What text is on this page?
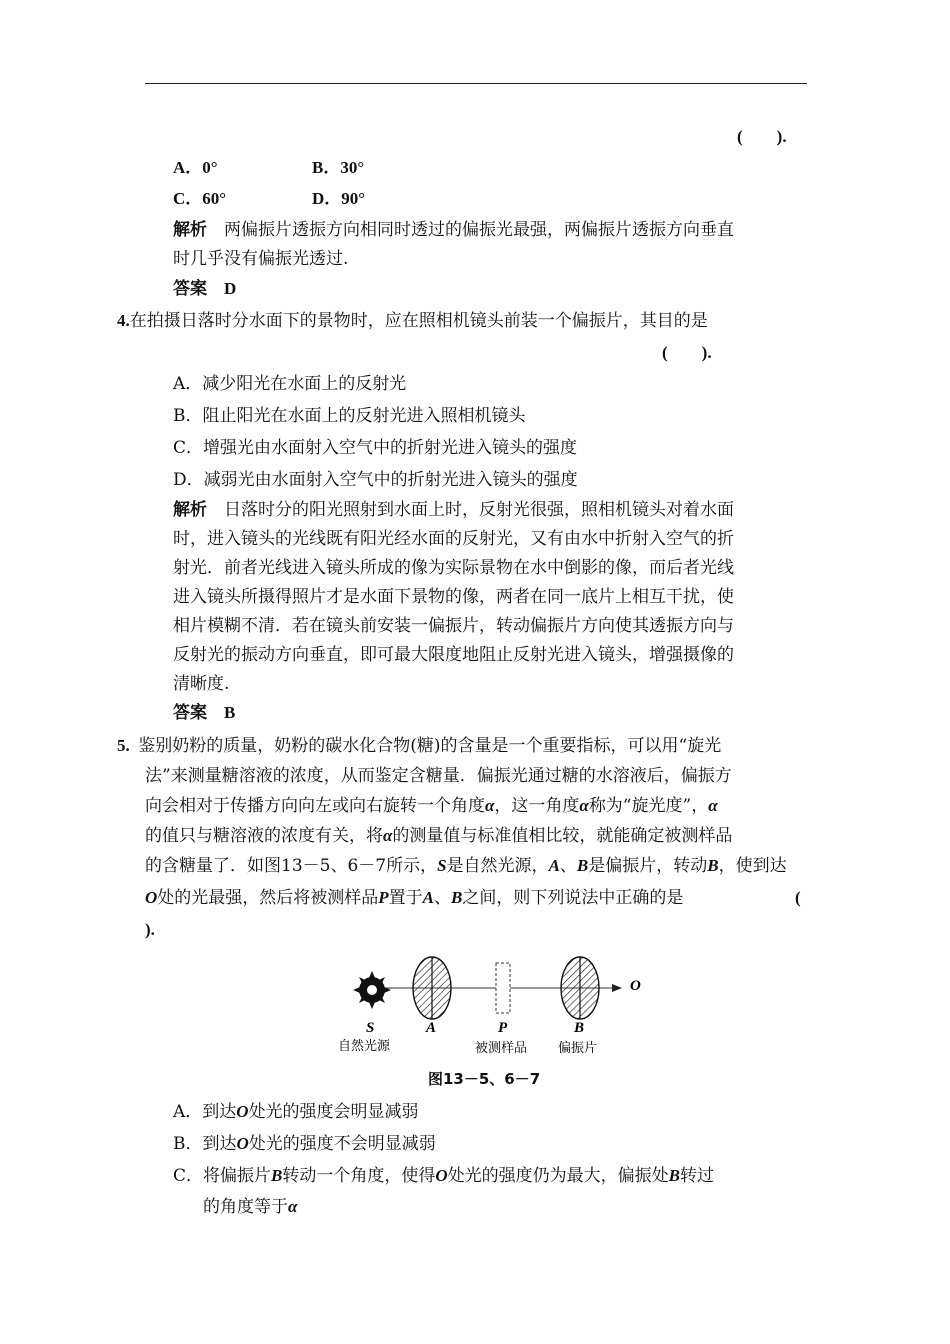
(　　).
A．0°	B．30°
C．60°	D．90°
解析　 两偏振片透振方向相同时透过的偏振光最强，两偏振片透振方向垂直
时几乎没有偏振光透过.
答案　 D
4.在拍摄日落时分水面下的景物时，应在照相机镜头前装一个偏振片，其目的是
(　　).
A．减少阳光在水面上的反射光
B．阻止阳光在水面上的反射光进入照相机镜头
C．增强光由水面射入空气中的折射光进入镜头的强度
D．减弱光由水面射入空气中的折射光进入镜头的强度
解析　 日落时分的阳光照射到水面上时，反射光很强，照相机镜头对着水面
时，进入镜头的光线既有阳光经水面的反射光，又有由水中折射入空气的折
射光．前者光线进入镜头所成的像为实际景物在水中倒影的像，而后者光线
进入镜头所摄得照片才是水面下景物的像，两者在同一底片上相互干扰，使
相片模糊不清．若在镜头前安装一偏振片，转动偏振片方向使其透振方向与
反射光的振动方向垂直，即可最大限度地阻止反射光进入镜头，增强摄像的
清晰度.
答案　 B
5.  鉴别奶粉的质量，奶粉的碳水化合物(糖)的含量是一个重要指标，可以用“旋光
法”来测量糖溶液的浓度，从而鉴定含糖量．偏振光通过糖的水溶液后，偏振方
向会相对于传播方向向左或向右旋转一个角度α，这一角度α称为“旋光度”，α
的值只与糖溶液的浓度有关，将α的测量值与标准值相比较，就能确定被测样品
的含糖量了．如图13－5、6－7所示，S是自然光源，A、B是偏振片，转动B，使到达
O处的光最强，然后将被测样品P置于A、B之间，则下列说法中正确的是	(
).
O
S	A	P	B
自然光源	被测样品 偏振片
图13－5、6－7
A．到达O处光的强度会明显减弱
B．到达O处光的强度不会明显减弱
C．将偏振片B转动一个角度，使得O处光的强度仍为最大，偏振处B转过
的角度等于α
